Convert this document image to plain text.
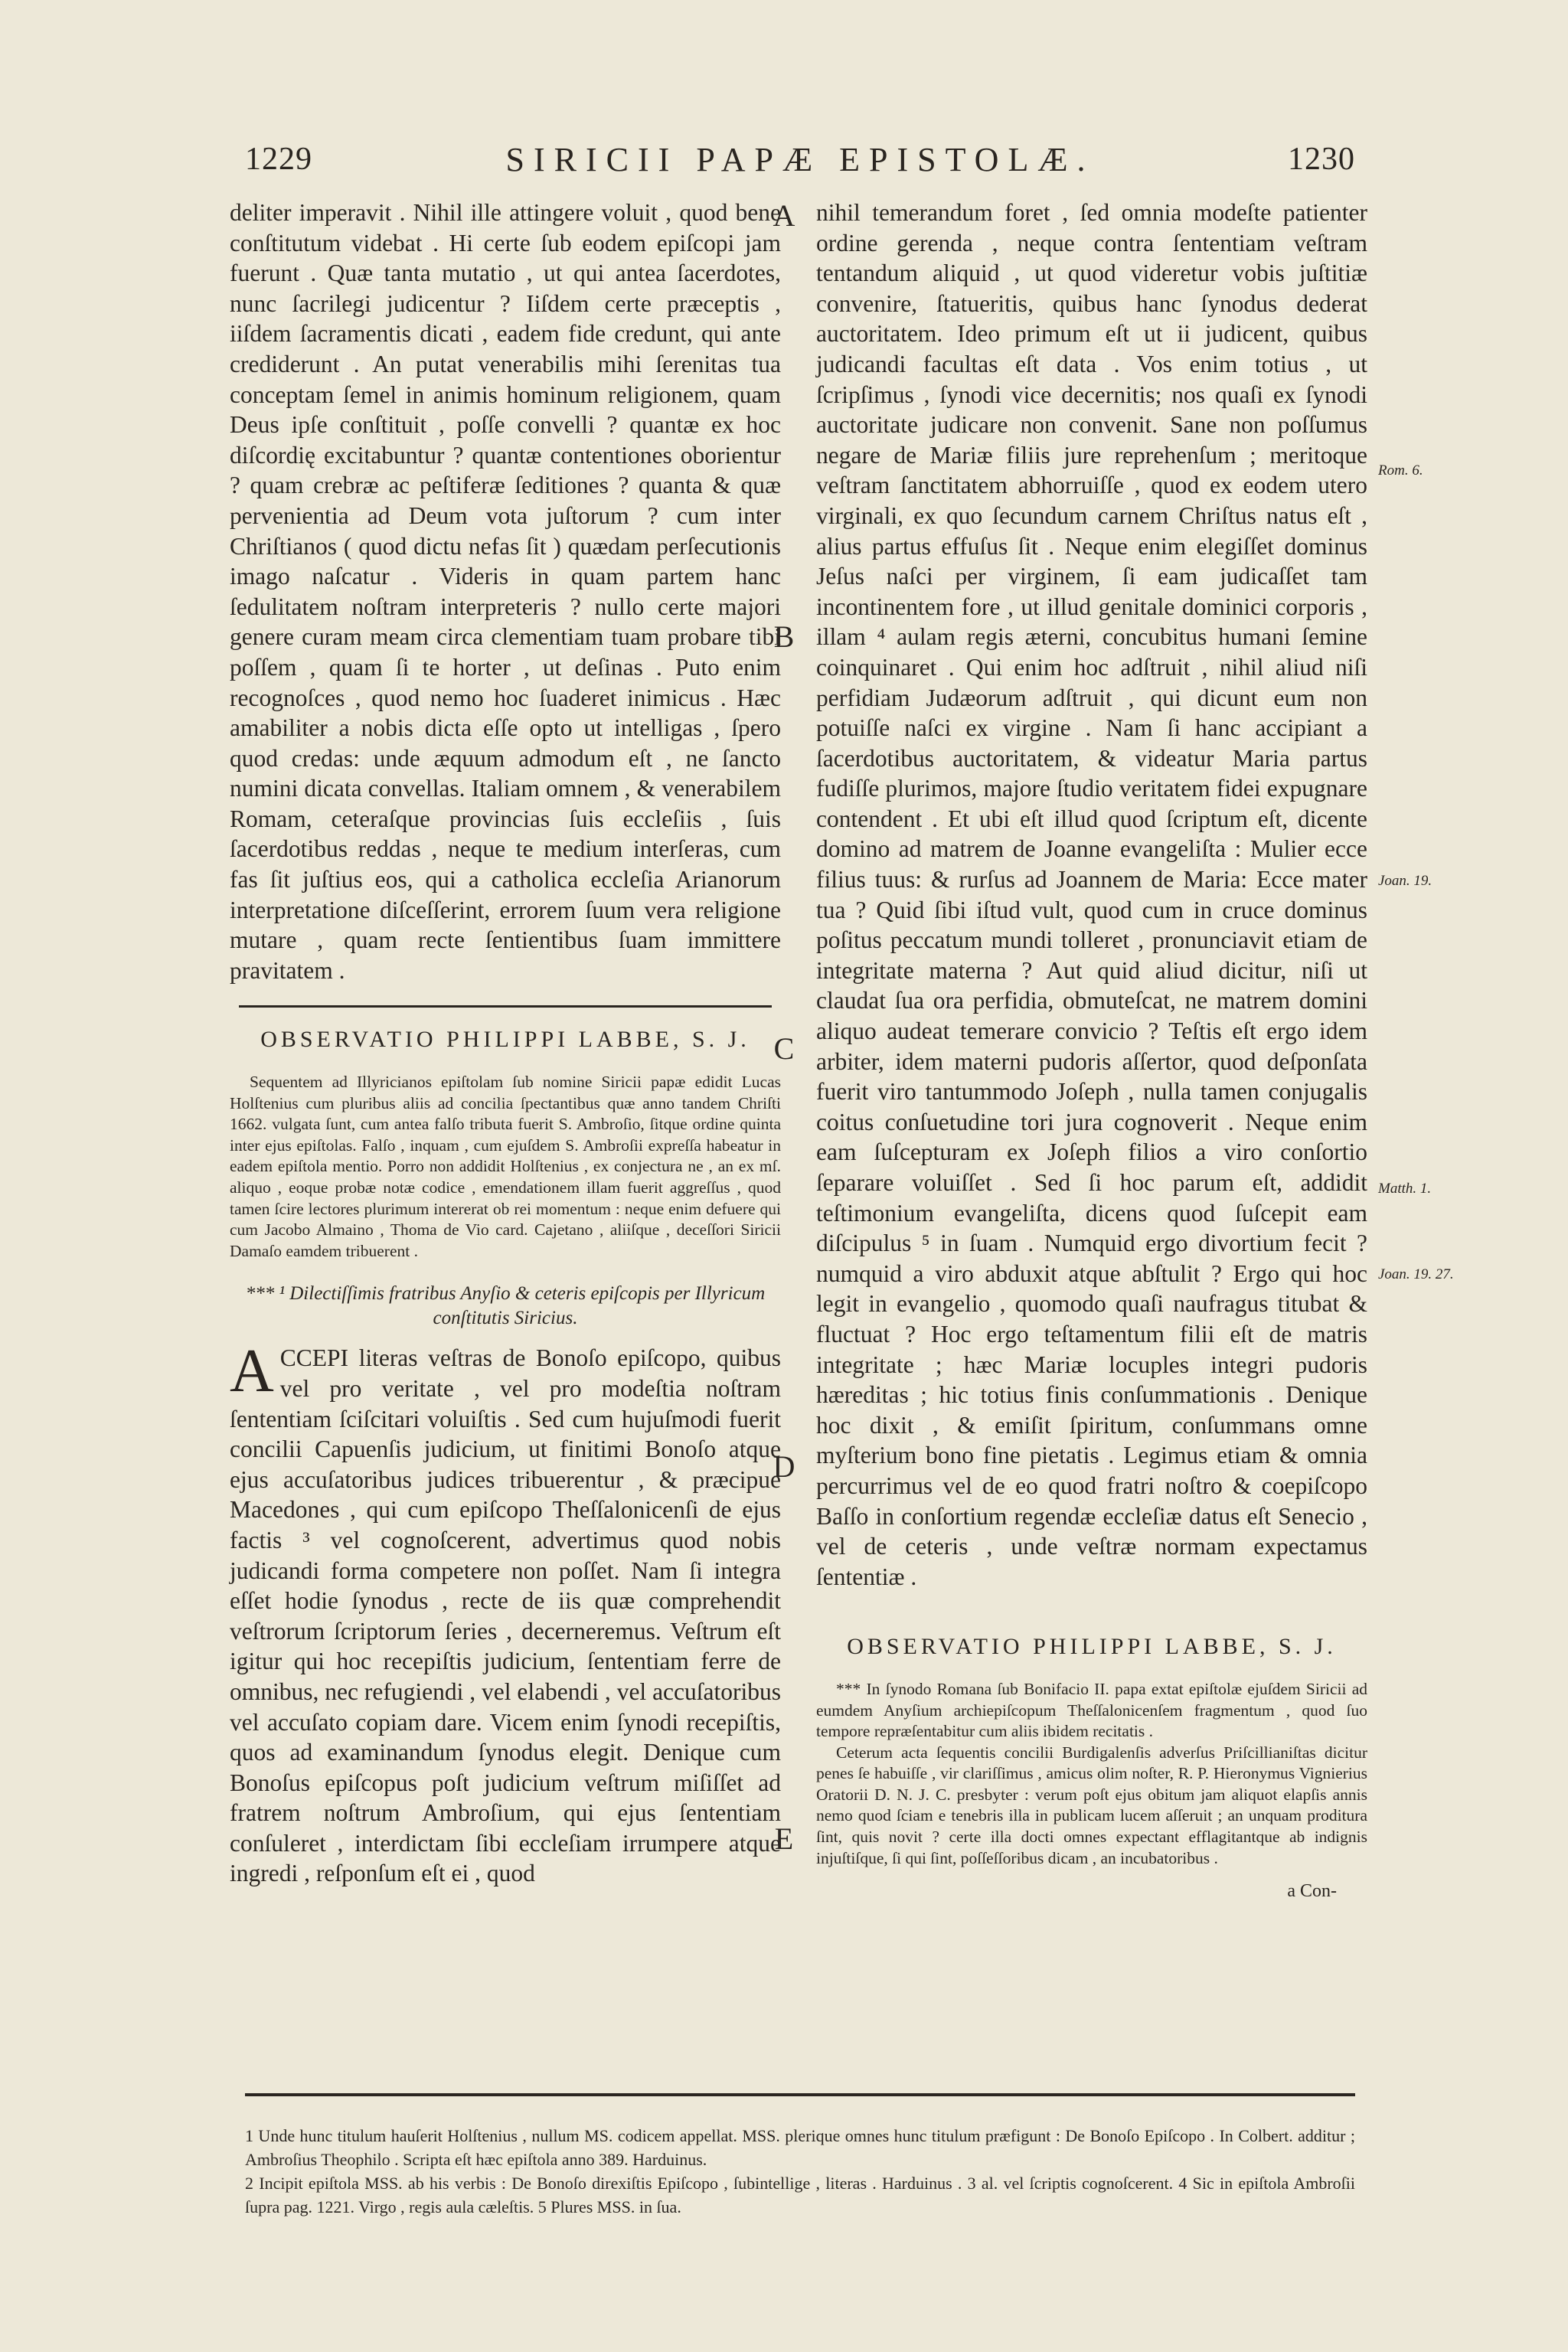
1229	SIRICII PAPÆ EPISTOLÆ.	1230

deliter imperavit . Nihil ille attingere voluit , quod bene conſtitutum videbat . Hi certe ſub eodem epiſcopi jam fuerunt . Quæ tanta mutatio , ut qui antea ſacerdotes, nunc ſacrilegi judicentur ? Iiſdem certe præceptis , iiſdem ſacramentis dicati , eadem fide credunt, qui ante crediderunt . An putat venerabilis mihi ſerenitas tua conceptam ſemel in animis hominum religionem, quam Deus ipſe conſtituit , poſſe convelli ? quantæ ex hoc diſcordię excitabuntur ? quantæ contentiones oborientur ? quam crebræ ac peſtiferæ ſeditiones ? quanta & quæ pervenientia ad Deum vota juſtorum ? cum inter Chriſtianos ( quod dictu nefas ſit ) quædam perſecutionis imago naſcatur . Videris in quam partem hanc ſedulitatem noſtram interpreteris ? nullo certe majori genere curam meam circa clementiam tuam probare tibi poſſem , quam ſi te horter , ut deſinas . Puto enim recognoſces , quod nemo hoc ſuaderet inimicus . Hæc amabiliter a nobis dicta eſſe opto ut intelligas , ſpero quod credas: unde æquum admodum eſt , ne ſancto numini dicata convellas. Italiam omnem , & venerabilem Romam, ceteraſque provincias ſuis eccleſiis , ſuis ſacerdotibus reddas , neque te medium interſeras, cum fas ſit juſtius eos, qui a catholica eccleſia Arianorum interpretatione diſceſſerint, errorem ſuum vera religione mutare , quam recte ſentientibus ſuam immittere pravitatem .

OBSERVATIO PHILIPPI LABBE, S. J.

Sequentem ad Illyricianos epiſtolam ſub nomine Siricii papæ edidit Lucas Holſtenius cum pluribus aliis ad concilia ſpectantibus quæ anno tandem Chriſti 1662. vulgata ſunt, cum antea falſo tributa fuerit S. Ambroſio, ſitque ordine quinta inter ejus epiſtolas. Falſo , inquam , cum ejuſdem S. Ambroſii expreſſa habeatur in eadem epiſtola mentio. Porro non addidit Holſtenius , ex conjectura ne , an ex mſ. aliquo , eoque probæ notæ codice , emendationem illam fuerit aggreſſus , quod tamen ſcire lectores plurimum intererat ob rei momentum : neque enim defuere qui cum Jacobo Almaino , Thoma de Vio card. Cajetano , aliiſque , deceſſori Siricii Damaſo eamdem tribuerent .

*** ¹ Dilectiſſimis fratribus Anyſio & ceteris epiſcopis per Illyricum conſtitutis Siricius.

ACCEPI literas veſtras de Bonoſo epiſcopo, quibus vel pro veritate , vel pro modeſtia noſtram ſententiam ſciſcitari voluiſtis . Sed cum hujuſmodi fuerit concilii Capuenſis judicium, ut finitimi Bonoſo atque ejus accuſatoribus judices tribuerentur , & præcipue Macedones , qui cum epiſcopo Theſſalonicenſi de ejus factis ³ vel cognoſcerent, advertimus quod nobis judicandi forma competere non poſſet. Nam ſi integra eſſet hodie ſynodus , recte de iis quæ comprehendit veſtrorum ſcriptorum ſeries , decerneremus. Veſtrum eſt igitur qui hoc recepiſtis judicium, ſententiam ferre de omnibus, nec refugiendi , vel elabendi , vel accuſatoribus vel accuſato copiam dare. Vicem enim ſynodi recepiſtis, quos ad examinandum ſynodus elegit. Denique cum Bonoſus epiſcopus poſt judicium veſtrum miſiſſet ad fratrem noſtrum Ambroſium, qui ejus ſententiam conſuleret , interdictam ſibi eccleſiam irrumpere atque ingredi , reſponſum eſt ei , quod

nihil temerandum foret , ſed omnia modeſte patienter ordine gerenda , neque contra ſententiam veſtram tentandum aliquid , ut quod videretur vobis juſtitiæ convenire, ſtatueritis, quibus hanc ſynodus dederat auctoritatem. Ideo primum eſt ut ii judicent, quibus judicandi facultas eſt data . Vos enim totius , ut ſcripſimus , ſynodi vice decernitis; nos quaſi ex ſynodi auctoritate judicare non convenit. Sane non poſſumus negare de Mariæ filiis jure reprehenſum ; meritoque veſtram ſanctitatem abhorruiſſe , quod ex eodem utero virginali, ex quo ſecundum carnem Chriſtus natus eſt , alius partus effuſus ſit . Neque enim elegiſſet dominus Jeſus naſci per virginem, ſi eam judicaſſet tam incontinentem fore , ut illud genitale dominici corporis , illam ⁴ aulam regis æterni, concubitus humani ſemine coinquinaret . Qui enim hoc adſtruit , nihil aliud niſi perfidiam Judæorum adſtruit , qui dicunt eum non potuiſſe naſci ex virgine . Nam ſi hanc accipiant a ſacerdotibus auctoritatem, & videatur Maria partus fudiſſe plurimos, majore ſtudio veritatem fidei expugnare contendent . Et ubi eſt illud quod ſcriptum eſt, dicente domino ad matrem de Joanne evangeliſta : Mulier ecce filius tuus: & rurſus ad Joannem de Maria: Ecce mater tua ? Quid ſibi iſtud vult, quod cum in cruce dominus poſitus peccatum mundi tolleret , pronunciavit etiam de integritate materna ? Aut quid aliud dicitur, niſi ut claudat ſua ora perfidia, obmuteſcat, ne matrem domini aliquo audeat temerare convicio ? Teſtis eſt ergo idem arbiter, idem materni pudoris aſſertor, quod deſponſata fuerit viro tantummodo Joſeph , nulla tamen conjugalis coitus conſuetudine tori jura cognoverit . Neque enim eam ſuſcepturam ex Joſeph filios a viro conſortio ſeparare voluiſſet . Sed ſi hoc parum eſt, addidit teſtimonium evangeliſta, dicens quod ſuſcepit eam diſcipulus ⁵ in ſuam . Numquid ergo divortium fecit ? numquid a viro abduxit atque abſtulit ? Ergo qui hoc legit in evangelio , quomodo quaſi naufragus titubat & fluctuat ? Hoc ergo teſtamentum filii eſt de matris integritate ; hæc Mariæ locuples integri pudoris hæreditas ; hic totius finis conſummationis . Denique hoc dixit , & emiſit ſpiritum, conſummans omne myſterium bono fine pietatis . Legimus etiam & omnia percurrimus vel de eo quod fratri noſtro & coepiſcopo Baſſo in conſortium regendæ eccleſiæ datus eſt Senecio , vel de ceteris , unde veſtræ normam expectamus ſententiæ .

OBSERVATIO PHILIPPI LABBE, S. J.

*** In ſynodo Romana ſub Bonifacio II. papa extat epiſtolæ ejuſdem Siricii ad eumdem Anyſium archiepiſcopum Theſſalonicenſem fragmentum , quod ſuo tempore repræſentabitur cum aliis ibidem recitatis .

Ceterum acta ſequentis concilii Burdigalenſis adverſus Priſcillianiſtas dicitur penes ſe habuiſſe , vir clariſſimus , amicus olim noſter, R. P. Hieronymus Vignierius Oratorii D. N. J. C. presbyter : verum poſt ejus obitum jam aliquot elapſis annis nemo quod ſciam e tenebris illa in publicam lucem aſſeruit ; an unquam proditurа ſint, quis novit ? certe illa docti omnes expectant efflagitantque ab indignis injuſtiſque, ſi qui ſint, poſſeſſoribus dicam , an incubatoribus .

a Con-
A
B
C
D
E
Rom. 6.
Joan. 19.
Matth. 1.
Joan. 19. 27.

1 Unde hunc titulum hauſerit Holſtenius , nullum MS. codicem appellat. MSS. plerique omnes hunc titulum præfigunt : De Bonoſo Epiſcopo . In Colbert. additur ; Ambroſius Theophilo . Scripta eſt hæc epiſtola anno 389. Harduinus.

2 Incipit epiſtola MSS. ab his verbis : De Bonoſo direxiſtis Epiſcopo , ſubintellige , literas . Harduinus . 3 al. vel ſcriptis cognoſcerent. 4 Sic in epiſtola Ambroſii ſupra pag. 1221. Virgo , regis aula cæleſtis. 5 Plures MSS. in ſua.
